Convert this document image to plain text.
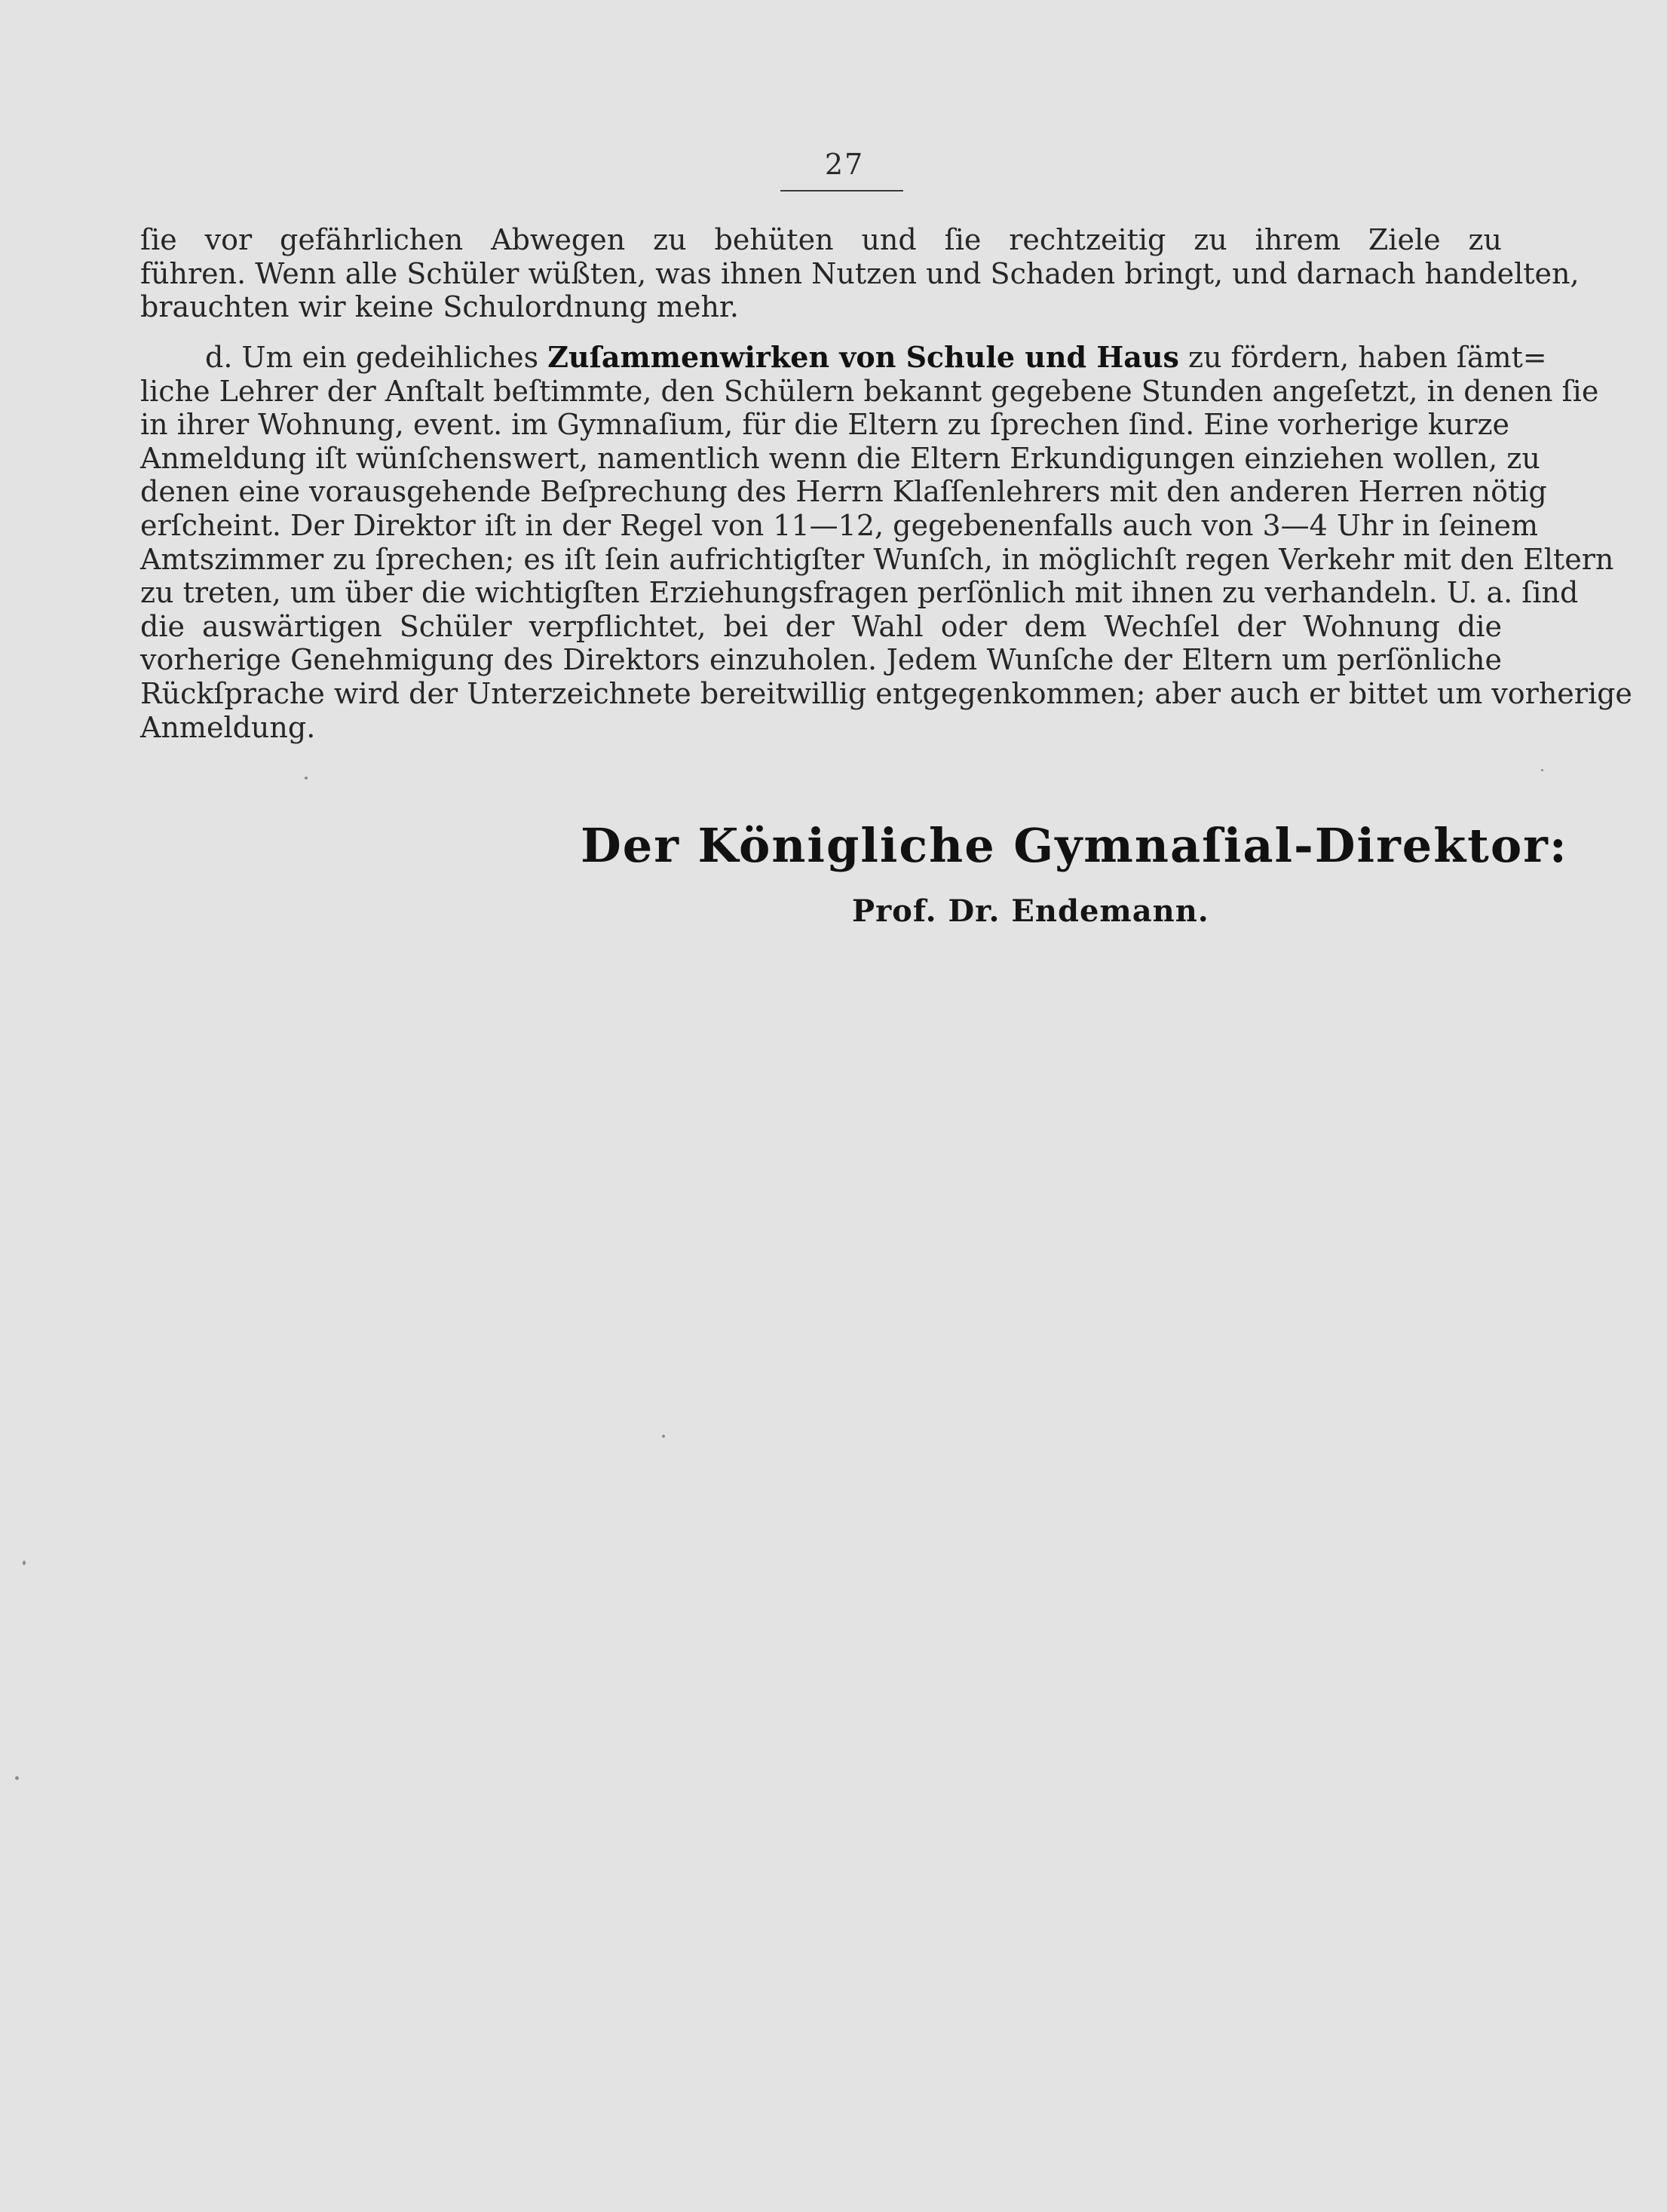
27
ſie vor gefährlichen Abwegen zu behüten und ſie rechtzeitig zu ihrem Ziele zu
führen. Wenn alle Schüler wüßten, was ihnen Nutzen und Schaden bringt, und darnach handelten,
brauchten wir keine Schulordnung mehr.
d. Um ein gedeihliches Zuſammenwirken von Schule und Haus zu fördern, haben ſämt=
liche Lehrer der Anſtalt beſtimmte, den Schülern bekannt gegebene Stunden angeſetzt, in denen ſie
in ihrer Wohnung, event. im Gymnaſium, für die Eltern zu ſprechen ſind. Eine vorherige kurze
Anmeldung iſt wünſchenswert, namentlich wenn die Eltern Erkundigungen einziehen wollen, zu
denen eine vorausgehende Beſprechung des Herrn Klaſſenlehrers mit den anderen Herren nötig
erſcheint. Der Direktor iſt in der Regel von 11—12, gegebenenfalls auch von 3—4 Uhr in ſeinem
Amtszimmer zu ſprechen; es iſt ſein aufrichtigſter Wunſch, in möglichſt regen Verkehr mit den Eltern
zu treten, um über die wichtigſten Erziehungsfragen perſönlich mit ihnen zu verhandeln. U. a. ſind
die auswärtigen Schüler verpflichtet, bei der Wahl oder dem Wechſel der Wohnung die
vorherige Genehmigung des Direktors einzuholen. Jedem Wunſche der Eltern um perſönliche
Rückſprache wird der Unterzeichnete bereitwillig entgegenkommen; aber auch er bittet um vorherige
Anmeldung.
Der Königliche Gymnaſial-Direktor:
Prof. Dr. Endemann.
